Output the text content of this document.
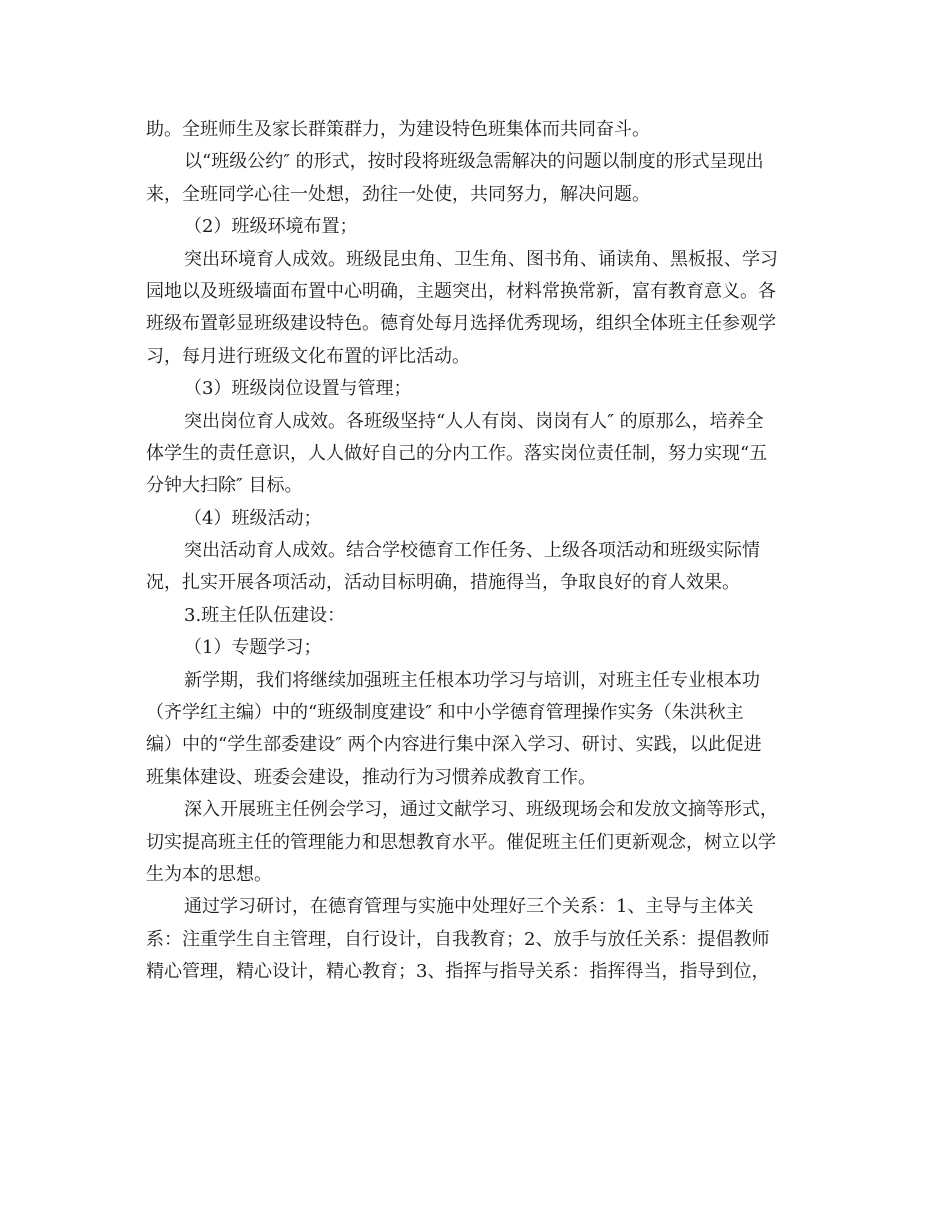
助。全班师生及家长群策群力，为建设特色班集体而共同奋斗。
以“班级公约″ 的形式，按时段将班级急需解决的问题以制度的形式呈现出
来，全班同学心往一处想，劲往一处使，共同努力，解决问题。
（2）班级环境布置；
突出环境育人成效。班级昆虫角、卫生角、图书角、诵读角、黑板报、学习
园地以及班级墙面布置中心明确，主题突出，材料常换常新，富有教育意义。各
班级布置彰显班级建设特色。德育处每月选择优秀现场，组织全体班主任参观学
习，每月进行班级文化布置的评比活动。
（3）班级岗位设置与管理；
突出岗位育人成效。各班级坚持“人人有岗、岗岗有人″ 的原那么，培养全
体学生的责任意识，人人做好自己的分内工作。落实岗位责任制，努力实现“五
分钟大扫除″ 目标。
（4）班级活动；
突出活动育人成效。结合学校德育工作任务、上级各项活动和班级实际情
况，扎实开展各项活动，活动目标明确，措施得当，争取良好的育人效果。
3.班主任队伍建设：
（1）专题学习；
新学期，我们将继续加强班主任根本功学习与培训，对班主任专业根本功
（齐学红主编）中的“班级制度建设″ 和中小学德育管理操作实务（朱洪秋主
编）中的“学生部委建设″ 两个内容进行集中深入学习、研讨、实践，以此促进
班集体建设、班委会建设，推动行为习惯养成教育工作。
深入开展班主任例会学习，通过文献学习、班级现场会和发放文摘等形式，
切实提高班主任的管理能力和思想教育水平。催促班主任们更新观念，树立以学
生为本的思想。
通过学习研讨，在德育管理与实施中处理好三个关系：1、主导与主体关
系：注重学生自主管理，自行设计，自我教育；2、放手与放任关系：提倡教师
精心管理，精心设计，精心教育；3、指挥与指导关系：指挥得当，指导到位，
